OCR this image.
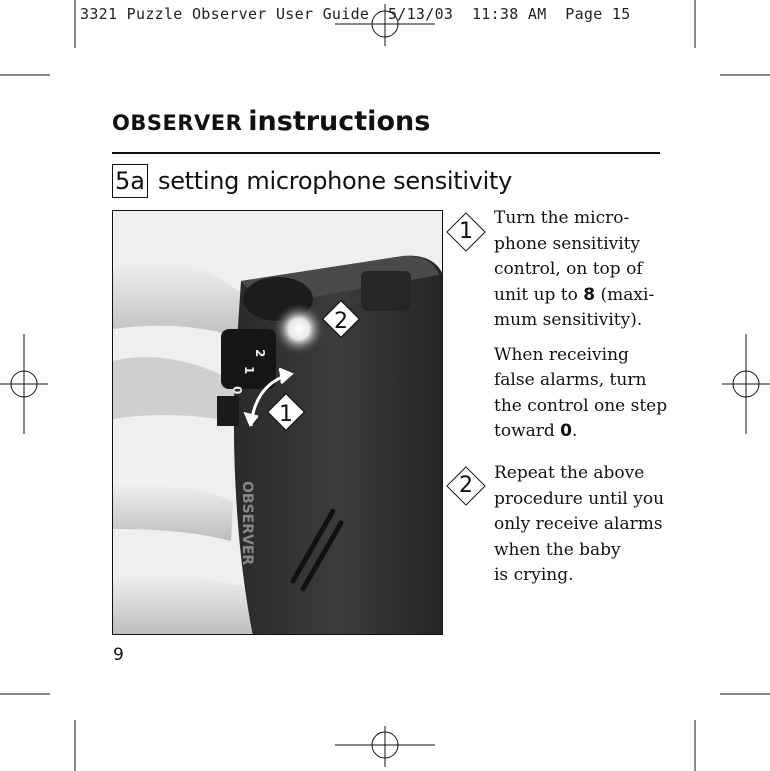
3321 Puzzle Observer User Guide 5/13/03 11:38 AM Page 15
OBSERVER instructions
5a setting microphone sensitivity
OBSERVER
0
1
2
2
1
1
Turn the micro-
phone sensitivity
control, on top of
unit up to 8 (maxi-
mum sensitivity).
When receiving
false alarms, turn
the control one step
toward 0.
2	Repeat the above
procedure until you
only receive alarms
when the baby
is crying.
9
